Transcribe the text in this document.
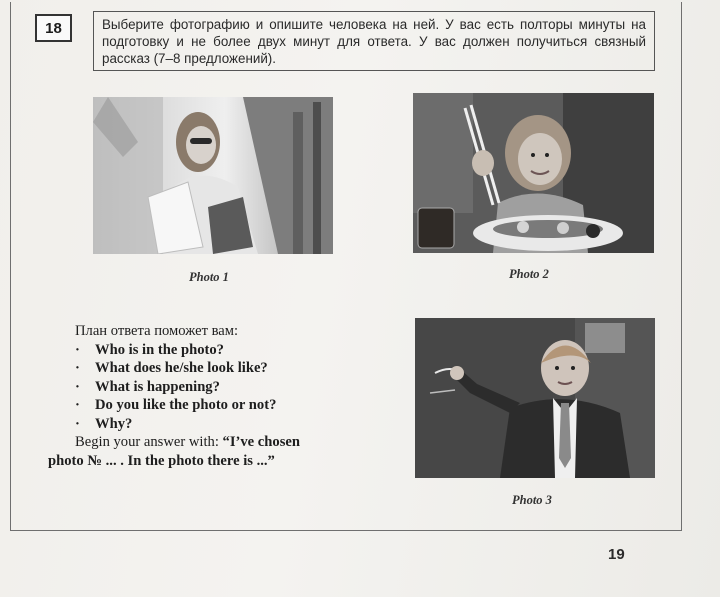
18	Выберите фотографию и опишите человека на ней. У вас есть полторы минуты на подготовку и не более двух минут для ответа. У вас должен получиться связный рассказ (7–8 предложений).
Photo 1	Photo 2
Photo 3
План ответа поможет вам:
· Who is in the photo?
· What does he/she look like?
· What is happening?
· Do you like the photo or not?
· Why?
Begin your answer with: “I’ve chosen
photo № ... . In the photo there is ...”
19
